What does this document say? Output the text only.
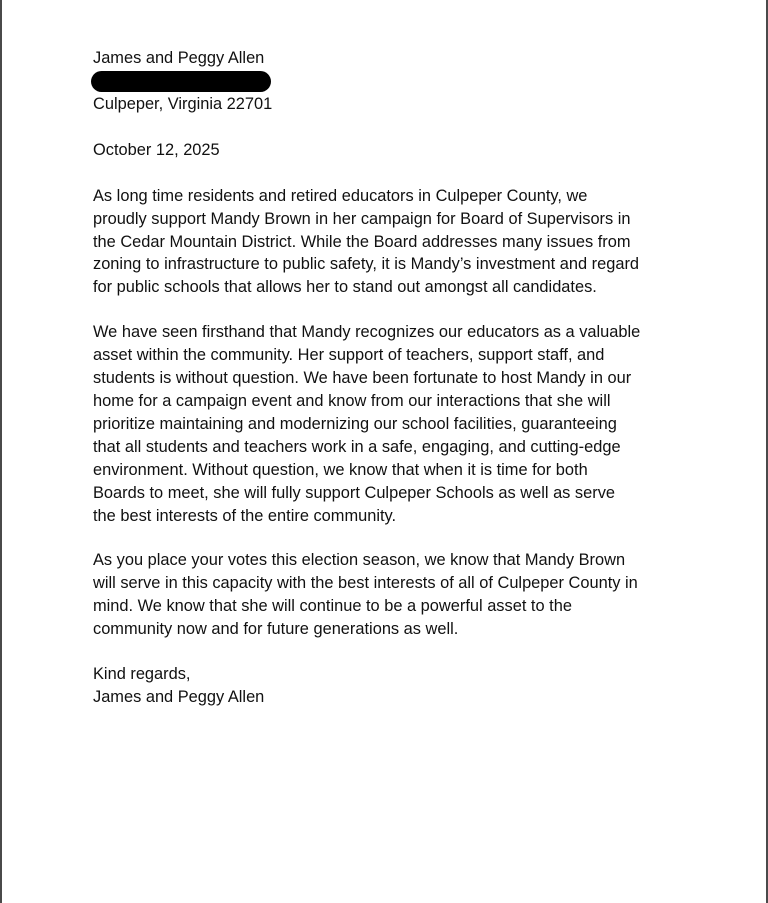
James and Peggy Allen

Culpeper, Virginia 22701

October 12, 2025

As long time residents and retired educators in Culpeper County, we

proudly support Mandy Brown in her campaign for Board of Supervisors in

the Cedar Mountain District. While the Board addresses many issues from

zoning to infrastructure to public safety, it is Mandy’s investment and regard

for public schools that allows her to stand out amongst all candidates.

We have seen firsthand that Mandy recognizes our educators as a valuable

asset within the community. Her support of teachers, support staff, and

students is without question. We have been fortunate to host Mandy in our

home for a campaign event and know from our interactions that she will

prioritize maintaining and modernizing our school facilities, guaranteeing

that all students and teachers work in a safe, engaging, and cutting-edge

environment. Without question, we know that when it is time for both

Boards to meet, she will fully support Culpeper Schools as well as serve

the best interests of the entire community.

As you place your votes this election season, we know that Mandy Brown

will serve in this capacity with the best interests of all of Culpeper County in

mind. We know that she will continue to be a powerful asset to the

community now and for future generations as well.

Kind regards,

James and Peggy Allen
